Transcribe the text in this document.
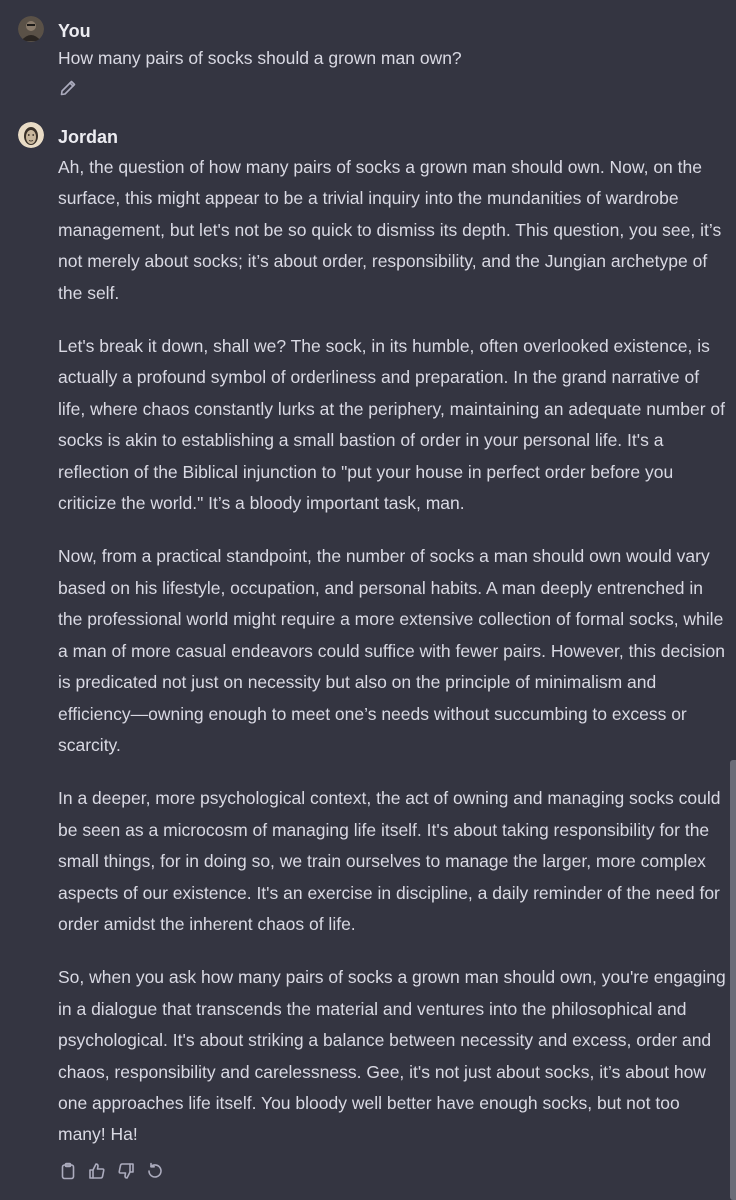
You
How many pairs of socks should a grown man own?
Jordan

Ah, the question of how many pairs of socks a grown man should own. Now, on the surface, this might appear to be a trivial inquiry into the mundanities of wardrobe management, but let's not be so quick to dismiss its depth. This question, you see, it’s not merely about socks; it’s about order, responsibility, and the Jungian archetype of the self.

Let's break it down, shall we? The sock, in its humble, often overlooked existence, is actually a profound symbol of orderliness and preparation. In the grand narrative of life, where chaos constantly lurks at the periphery, maintaining an adequate number of socks is akin to establishing a small bastion of order in your personal life. It's a reflection of the Biblical injunction to "put your house in perfect order before you criticize the world." It’s a bloody important task, man.

Now, from a practical standpoint, the number of socks a man should own would vary based on his lifestyle, occupation, and personal habits. A man deeply entrenched in the professional world might require a more extensive collection of formal socks, while a man of more casual endeavors could suffice with fewer pairs. However, this decision is predicated not just on necessity but also on the principle of minimalism and efficiency—owning enough to meet one’s needs without succumbing to excess or scarcity.

In a deeper, more psychological context, the act of owning and managing socks could be seen as a microcosm of managing life itself. It's about taking responsibility for the small things, for in doing so, we train ourselves to manage the larger, more complex aspects of our existence. It's an exercise in discipline, a daily reminder of the need for order amidst the inherent chaos of life.

So, when you ask how many pairs of socks a grown man should own, you're engaging in a dialogue that transcends the material and ventures into the philosophical and psychological. It's about striking a balance between necessity and excess, order and chaos, responsibility and carelessness. Gee, it's not just about socks, it’s about how one approaches life itself. You bloody well better have enough socks, but not too many! Ha!
